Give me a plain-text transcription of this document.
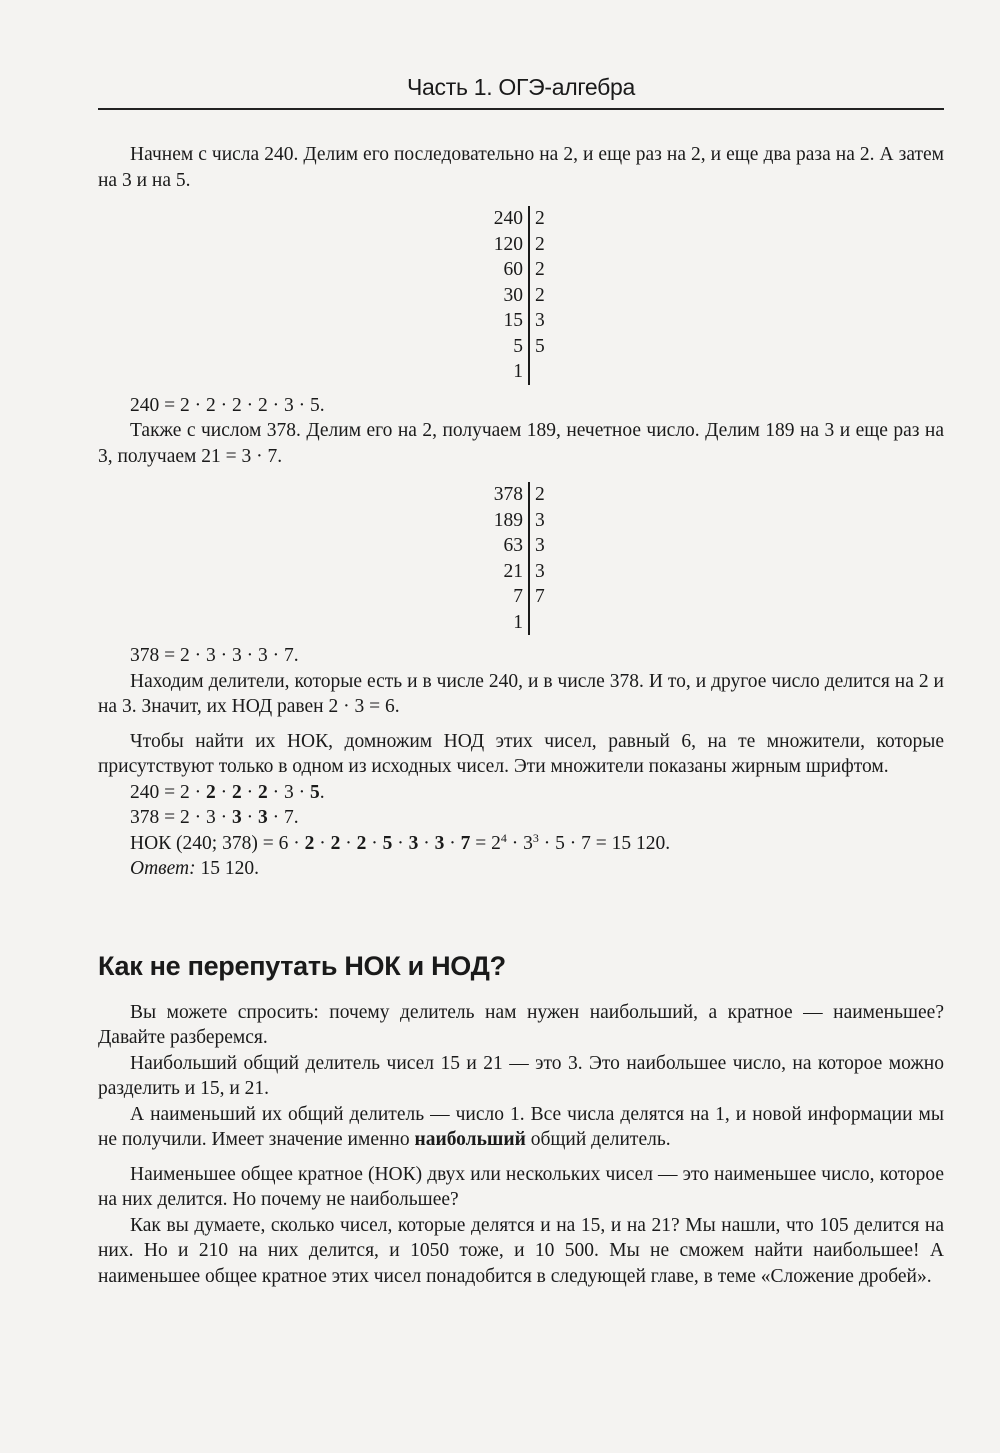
Часть 1. ОГЭ-алгебра

Начнем с числа 240. Делим его последовательно на 2, и еще раз на 2, и еще два раза на 2. А затем на 3 и на 5.

240	2
120	2
60	2
30	2
15	3
5	5
1	

240 = 2 · 2 · 2 · 2 · 3 · 5.

Также с числом 378. Делим его на 2, получаем 189, нечетное число. Делим 189 на 3 и еще раз на 3, получаем 21 = 3 · 7.

378	2
189	3
63	3
21	3
7	7
1	

378 = 2 · 3 · 3 · 3 · 7.

Находим делители, которые есть и в числе 240, и в числе 378. И то, и другое число делится на 2 и на 3. Значит, их НОД равен 2 · 3 = 6.

Чтобы найти их НОК, домножим НОД этих чисел, равный 6, на те множители, которые присутствуют только в одном из исходных чисел. Эти множители показаны жирным шрифтом.

240 = 2 · 2 · 2 · 2 · 3 · 5.

378 = 2 · 3 · 3 · 3 · 7.

НОК (240; $378) = 6 \cdot 2 \cdot 2 \cdot 2 \cdot 5 \cdot 3 \cdot 3 \cdot 7 = 2^4 \cdot 3^3 \cdot 5 \cdot 7 = 15$ 120.

Ответ: 15 120.

Как не перепутать НОК и НОД?

Вы можете спросить: почему делитель нам нужен наибольший, а кратное — наименьшее? Давайте разберемся.

Наибольший общий делитель чисел 15 и 21 — это 3. Это наибольшее число, на которое можно разделить и 15, и 21.

А наименьший их общий делитель — число 1. Все числа делятся на 1, и новой информации мы не получили. Имеет значение именно наибольший общий делитель.

Наименьшее общее кратное (НОК) двух или нескольких чисел — это наименьшее число, которое на них делится. Но почему не наибольшее?

Как вы думаете, сколько чисел, которые делятся и на 15, и на 21? Мы нашли, что 105 делится на них. Но и 210 на них делится, и 1050 тоже, и 10 500. Мы не сможем найти наибольшее! А наименьшее общее кратное этих чисел понадобится в следующей главе, в теме «Сложение дробей».
